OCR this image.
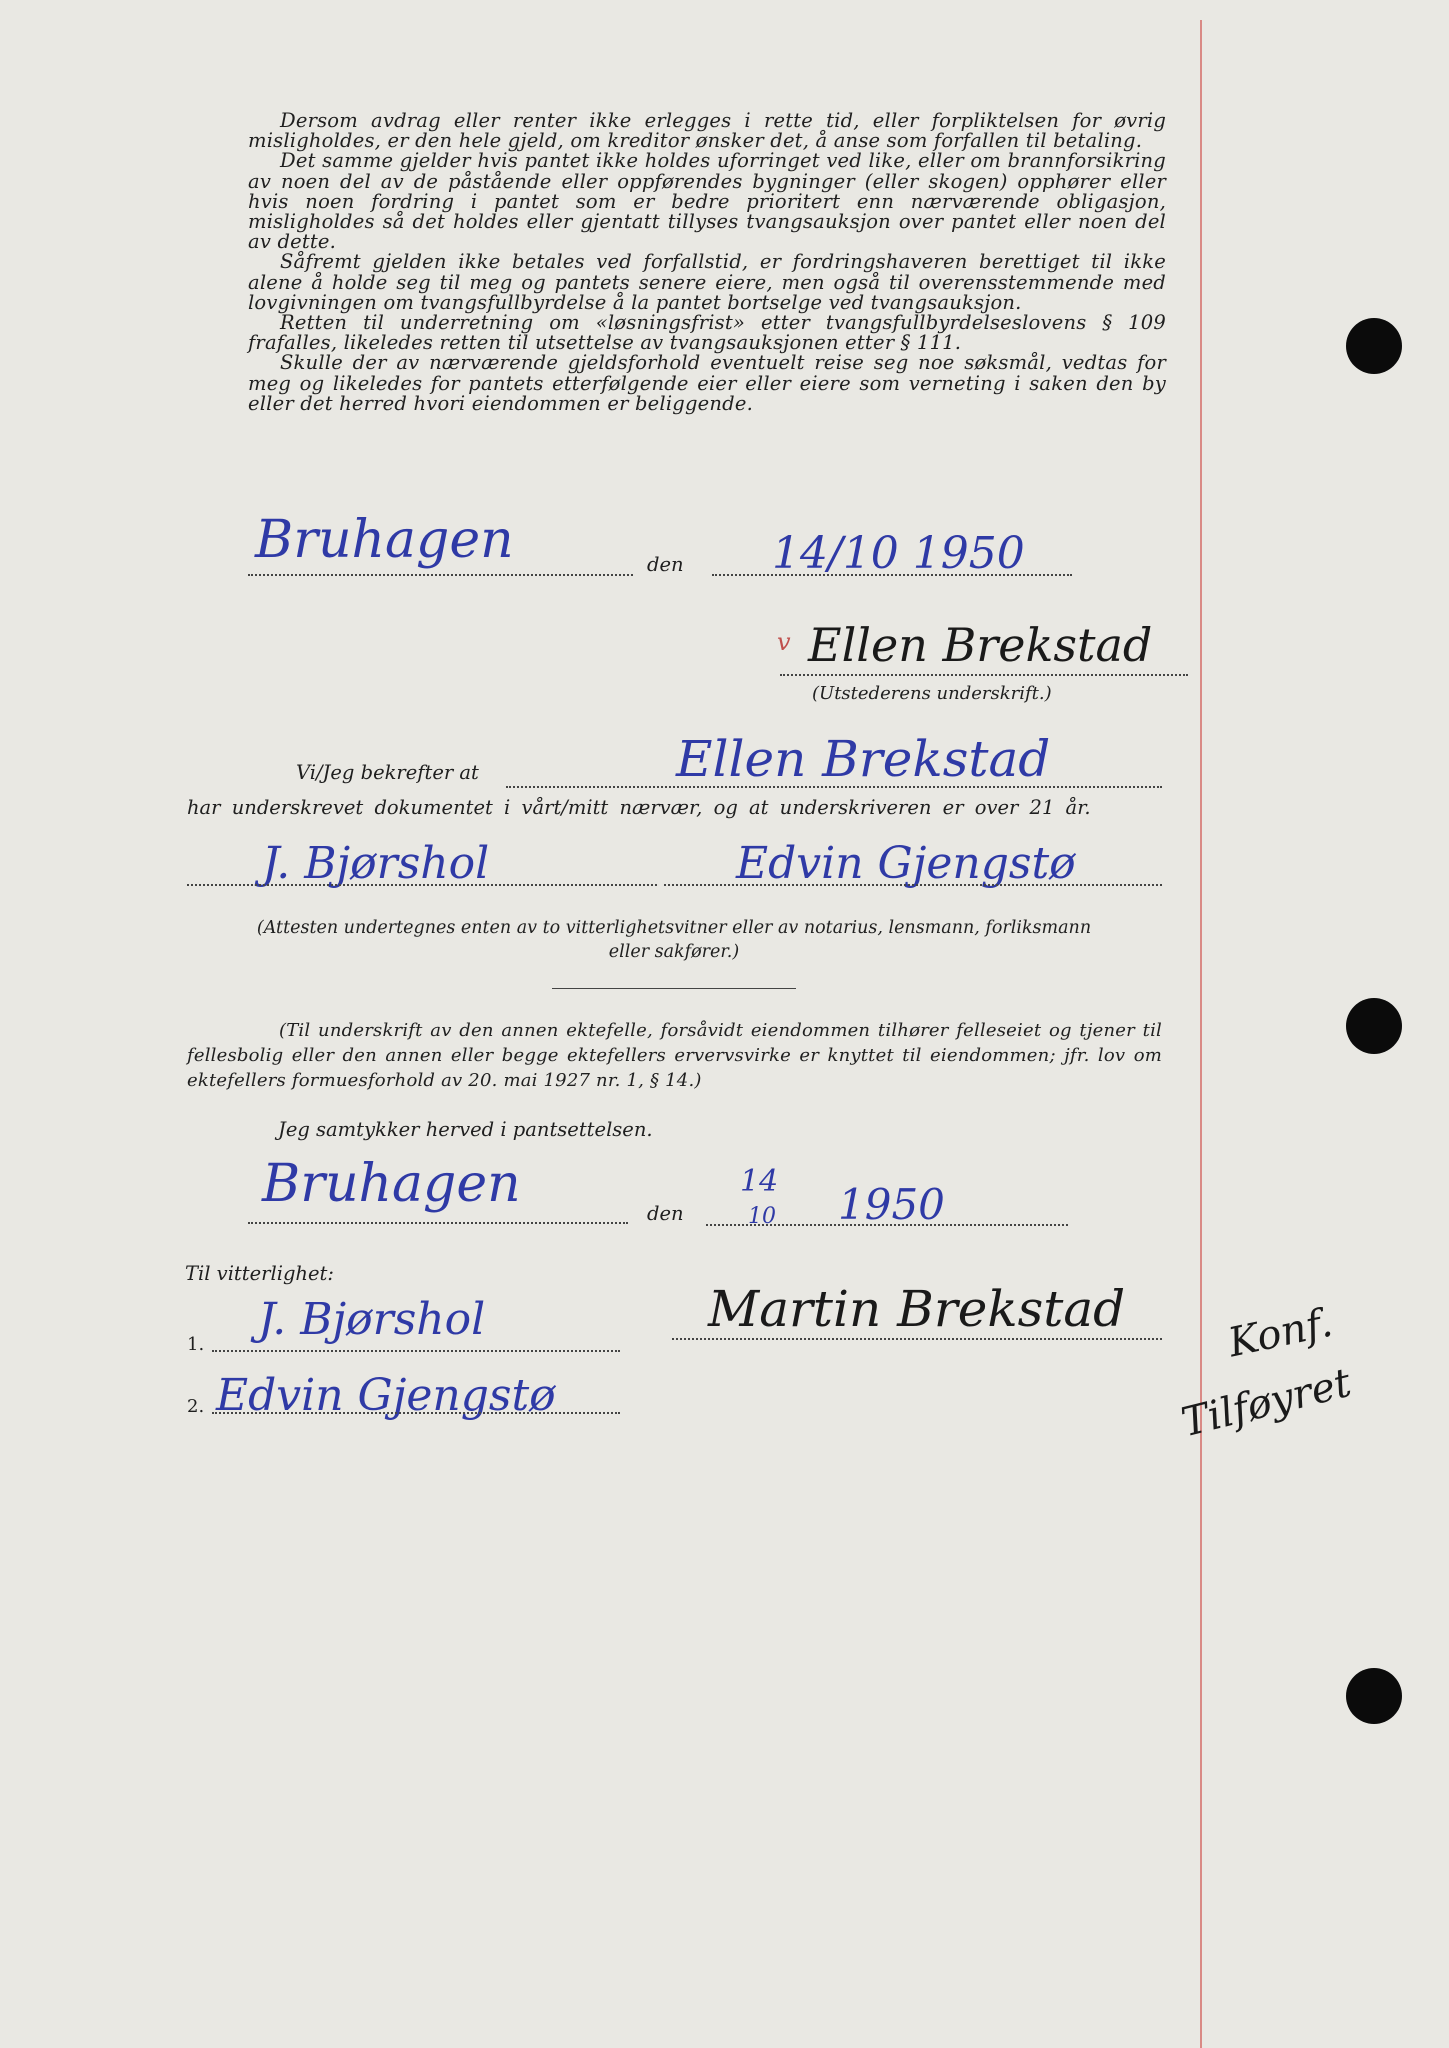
Dersom avdrag eller renter ikke erlegges i rette tid, eller forpliktelsen for øvrig misligholdes, er den hele gjeld, om kreditor ønsker det, å anse som forfallen til betaling.

Det samme gjelder hvis pantet ikke holdes uforringet ved like, eller om brannforsikring av noen del av de påstående eller oppførendes bygninger (eller skogen) opphører eller hvis noen fordring i pantet som er bedre prioritert enn nærværende obligasjon, misligholdes så det holdes eller gjentatt tillyses tvangsauksjon over pantet eller noen del av dette.

Såfremt gjelden ikke betales ved forfallstid, er fordringshaveren berettiget til ikke alene å holde seg til meg og pantets senere eiere, men også til overensstemmende med lovgivningen om tvangsfullbyrdelse å la pantet bortselge ved tvangsauksjon.

Retten til underretning om «løsningsfrist» etter tvangsfullbyrdelseslovens § 109 frafalles, likeledes retten til utsettelse av tvangsauksjonen etter § 111.

Skulle der av nærværende gjeldsforhold eventuelt reise seg noe søksmål, vedtas for meg og likeledes for pantets etterfølgende eier eller eiere som verneting i saken den by eller det herred hvori eiendommen er beliggende.

Bruhagen	den 14/10 1950
v Ellen Brekstad
(Utstederens underskrift.)
Ellen Brekstad
Vi/Jeg bekrefter at
har underskrevet dokumentet i vårt/mitt nærvær, og at underskriveren er over 21 år.
J. Bjørshol	Edvin Gjengstø
(Attesten undertegnes enten av to vitterlighetsvitner eller av notarius, lensmann, forliksmann
eller sakfører.)

(Til underskrift av den annen ektefelle, forsåvidt eiendommen tilhører felleseiet og tjener til fellesbolig eller den annen eller begge ektefellers ervervsvirke er knyttet til eiendommen; jfr. lov om ektefellers formuesforhold av 20. mai 1927 nr. 1, § 14.)

Jeg samtykker herved i pantsettelsen.
Bruhagen	den
14
10 1950
Til vitterlighet:
1. J. Bjørshol
2. Edvin Gjengstø
Martin Brekstad Konf.
Tilføyret
